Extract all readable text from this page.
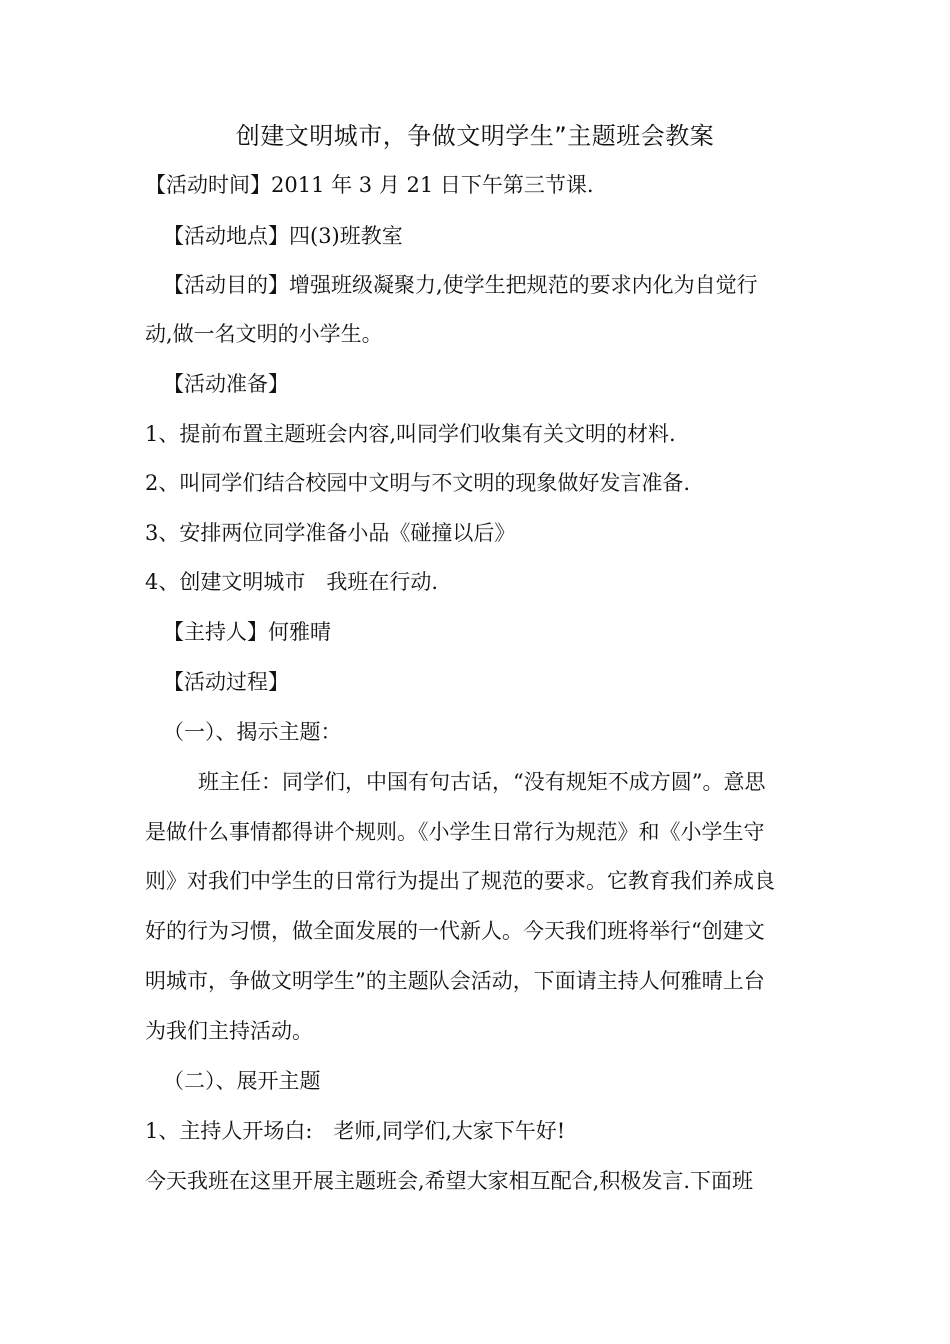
创建文明城市，争做文明学生”主题班会教案
【活动时间】2011 年 3 月 21 日下午第三节课.
【活动地点】四(3)班教室
【活动目的】增强班级凝聚力,使学生把规范的要求内化为自觉行
动,做一名文明的小学生。
【活动准备】
1、提前布置主题班会内容,叫同学们收集有关文明的材料.
2、叫同学们结合校园中文明与不文明的现象做好发言准备.
3、安排两位同学准备小品《碰撞以后》
4、创建文明城市　我班在行动.
【主持人】何雅晴
【活动过程】
（一）、揭示主题：
班主任：同学们，中国有句古话，“没有规矩不成方圆”。意思
是做什么事情都得讲个规则。《小学生日常行为规范》和《小学生守
则》对我们中学生的日常行为提出了规范的要求。它教育我们养成良
好的行为习惯，做全面发展的一代新人。今天我们班将举行“创建文
明城市，争做文明学生”的主题队会活动，下面请主持人何雅晴上台
为我们主持活动。
（二）、展开主题
1、主持人开场白:　老师,同学们,大家下午好!
今天我班在这里开展主题班会,希望大家相互配合,积极发言.下面班
